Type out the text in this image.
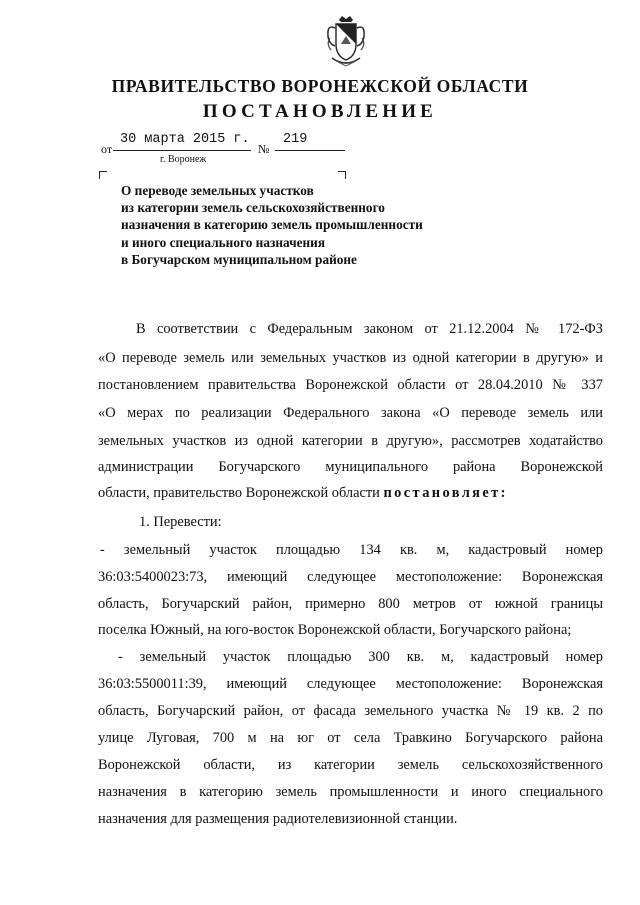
ПРАВИТЕЛЬСТВО ВОРОНЕЖСКОЙ ОБЛАСТИ
ПОСТАНОВЛЕНИЕ
от
30 марта 2015 г.
№
219
г. Воронеж
О переводе земельных участков
из категории земель сельскохозяйственного
назначения в категорию земель промышленности
и иного специального назначения
в Богучарском муниципальном районе
В соответствии с Федеральным законом от 21.12.2004 № 172-ФЗ
«О переводе земель или земельных участков из одной категории в другую» и
постановлением правительства Воронежской области от 28.04.2010 № 337
«О мерах по реализации Федерального закона «О переводе земель или
земельных участков из одной категории в другую», рассмотрев ходатайство
администрации Богучарского муниципального района Воронежской
области, правительство Воронежской области постановляет:
1. Перевести:
- земельный участок площадью 134 кв. м, кадастровый номер
36:03:5400023:73, имеющий следующее местоположение: Воронежская
область, Богучарский район, примерно 800 метров от южной границы
поселка Южный, на юго-восток Воронежской области, Богучарского района;
- земельный участок площадью 300 кв. м, кадастровый номер
36:03:5500011:39, имеющий следующее местоположение: Воронежская
область, Богучарский район, от фасада земельного участка № 19 кв. 2 по
улице Луговая, 700 м на юг от села Травкино Богучарского района
Воронежской области, из категории земель сельскохозяйственного
назначения в категорию земель промышленности и иного специального
назначения для размещения радиотелевизионной станции.
